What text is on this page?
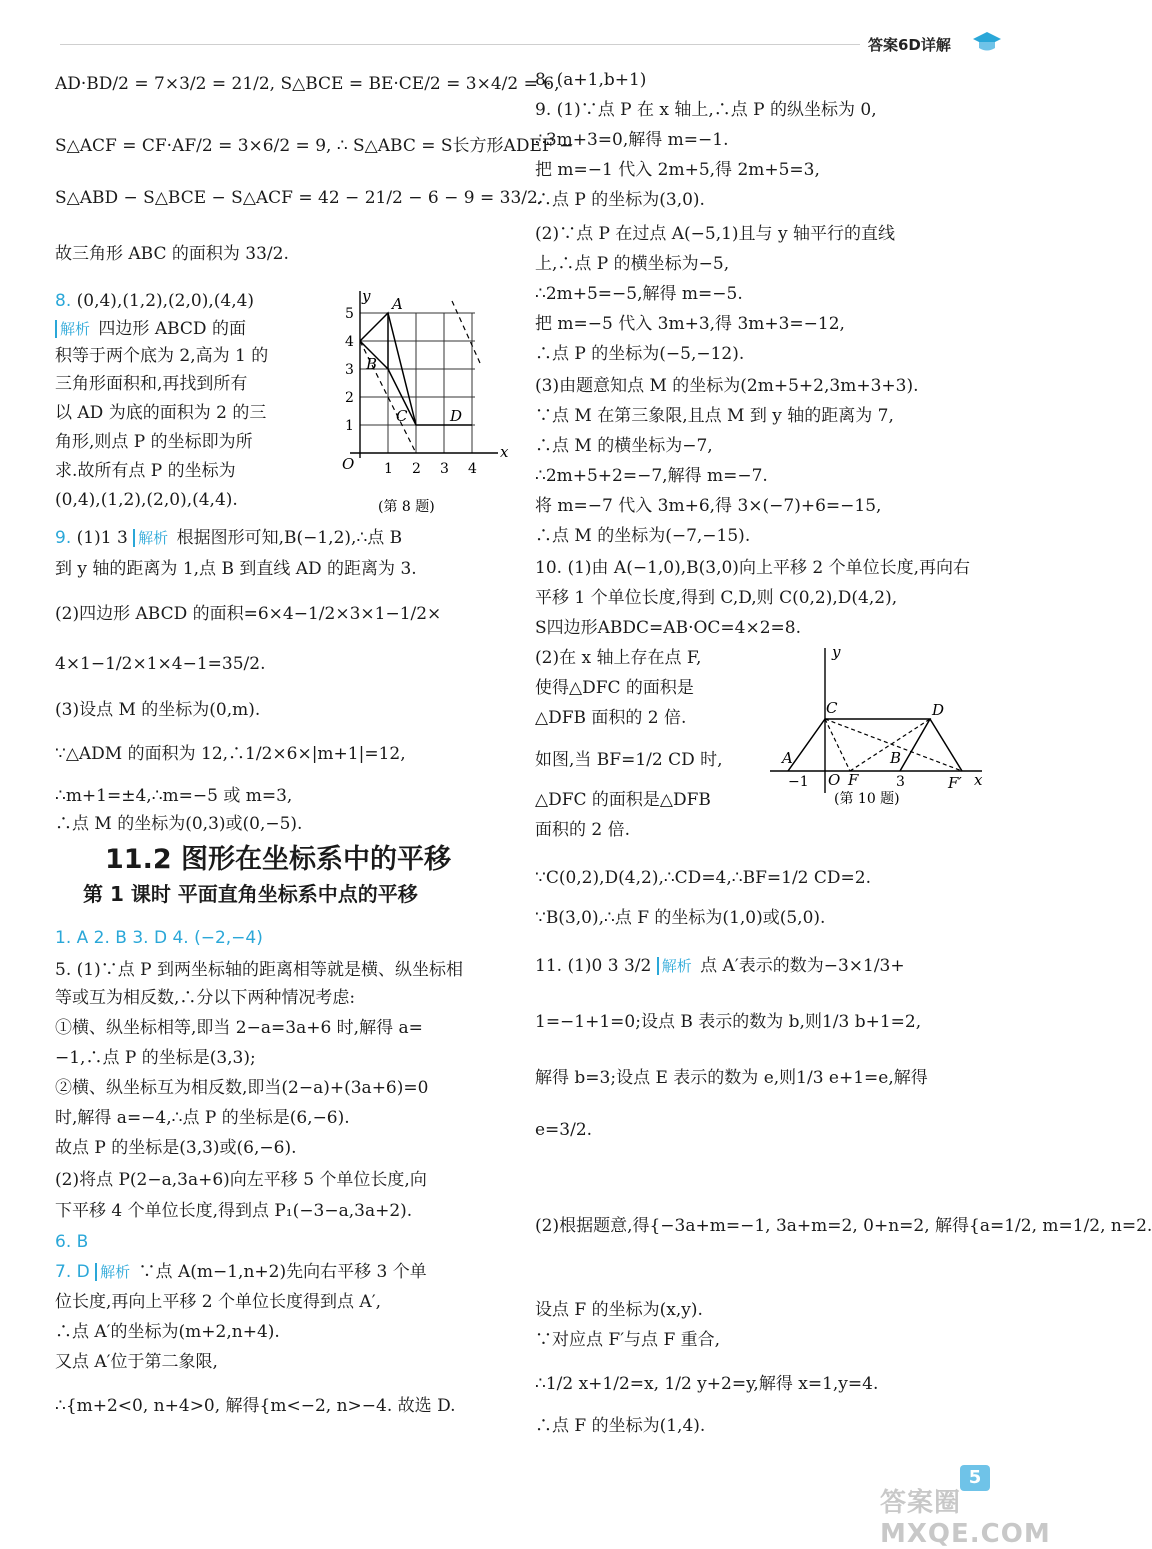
答案6D详解
AD·BD/2 = 7×3/2 = 21/2, S△BCE = BE·CE/2 = 3×4/2 = 6,
S△ACF = CF·AF/2 = 3×6/2 = 9, ∴ S△ABC = S长方形ADEF −
S△ABD − S△BCE − S△ACF = 42 − 21/2 − 6 − 9 = 33/2.
故三角形 ABC 的面积为 33/2.
8. (0,4),(1,2),(2,0),(4,4)
解析 四边形 ABCD 的面
积等于两个底为 2,高为 1 的
三角形面积和,再找到所有
以 AD 为底的面积为 2 的三
角形,则点 P 的坐标即为所
求.故所有点 P 的坐标为
(0,4),(1,2),(2,0),(4,4).
9. (1)1 3 解析 根据图形可知,B(−1,2),∴点 B
到 y 轴的距离为 1,点 B 到直线 AD 的距离为 3.
(2)四边形 ABCD 的面积=6×4−1/2×3×1−1/2×
4×1−1/2×1×4−1=35/2.
(3)设点 M 的坐标为(0,m).
∵△ADM 的面积为 12,∴1/2×6×|m+1|=12,
∴m+1=±4,∴m=−5 或 m=3,
∴点 M 的坐标为(0,3)或(0,−5).
11.2 图形在坐标系中的平移
第 1 课时 平面直角坐标系中点的平移
1. A 2. B 3. D 4. (−2,−4)
5. (1)∵点 P 到两坐标轴的距离相等就是横、纵坐标相
等或互为相反数,∴分以下两种情况考虑:
①横、纵坐标相等,即当 2−a=3a+6 时,解得 a=
−1,∴点 P 的坐标是(3,3);
②横、纵坐标互为相反数,即当(2−a)+(3a+6)=0
时,解得 a=−4,∴点 P 的坐标是(6,−6).
故点 P 的坐标是(3,3)或(6,−6).
(2)将点 P(2−a,3a+6)向左平移 5 个单位长度,向
下平移 4 个单位长度,得到点 P₁(−3−a,3a+2).
6. B
7. D 解析 ∵点 A(m−1,n+2)先向右平移 3 个单
位长度,再向上平移 2 个单位长度得到点 A′,
∴点 A′的坐标为(m+2,n+4).
又点 A′位于第二象限,
∴{m+2<0, n+4>0, 解得{m<−2, n>−4. 故选 D.
y
x
O 1 2 3 4
1
2
3
4
5
A
B
C	D
(第 8 题)
8. (a+1,b+1)
9. (1)∵点 P 在 x 轴上,∴点 P 的纵坐标为 0,
∴3m+3=0,解得 m=−1.
把 m=−1 代入 2m+5,得 2m+5=3,
∴点 P 的坐标为(3,0).
(2)∵点 P 在过点 A(−5,1)且与 y 轴平行的直线
上,∴点 P 的横坐标为−5,
∴2m+5=−5,解得 m=−5.
把 m=−5 代入 3m+3,得 3m+3=−12,
∴点 P 的坐标为(−5,−12).
(3)由题意知点 M 的坐标为(2m+5+2,3m+3+3).
∵点 M 在第三象限,且点 M 到 y 轴的距离为 7,
∴点 M 的横坐标为−7,
∴2m+5+2=−7,解得 m=−7.
将 m=−7 代入 3m+6,得 3×(−7)+6=−15,
∴点 M 的坐标为(−7,−15).
10. (1)由 A(−1,0),B(3,0)向上平移 2 个单位长度,再向右
平移 1 个单位长度,得到 C,D,则 C(0,2),D(4,2),
S四边形ABDC=AB·OC=4×2=8.
(2)在 x 轴上存在点 F,
使得△DFC 的面积是
△DFB 面积的 2 倍.
如图,当 BF=1/2 CD 时,
△DFC 的面积是△DFB
面积的 2 倍.
∵C(0,2),D(4,2),∴CD=4,∴BF=1/2 CD=2.
∵B(3,0),∴点 F 的坐标为(1,0)或(5,0).
y
x
O
−1	3
A
C	D
B
F	F′
(第 10 题)
11. (1)0 3 3/2 解析 点 A′表示的数为−3×1/3+
1=−1+1=0;设点 B 表示的数为 b,则1/3 b+1=2,
解得 b=3;设点 E 表示的数为 e,则1/3 e+1=e,解得
e=3/2.
(2)根据题意,得{−3a+m=−1, 3a+m=2, 0+n=2, 解得{a=1/2, m=1/2, n=2.
设点 F 的坐标为(x,y).
∵对应点 F′与点 F 重合,
∴1/2 x+1/2=x, 1/2 y+2=y,解得 x=1,y=4.
∴点 F 的坐标为(1,4).
5
答案圈 MXQE.COM
